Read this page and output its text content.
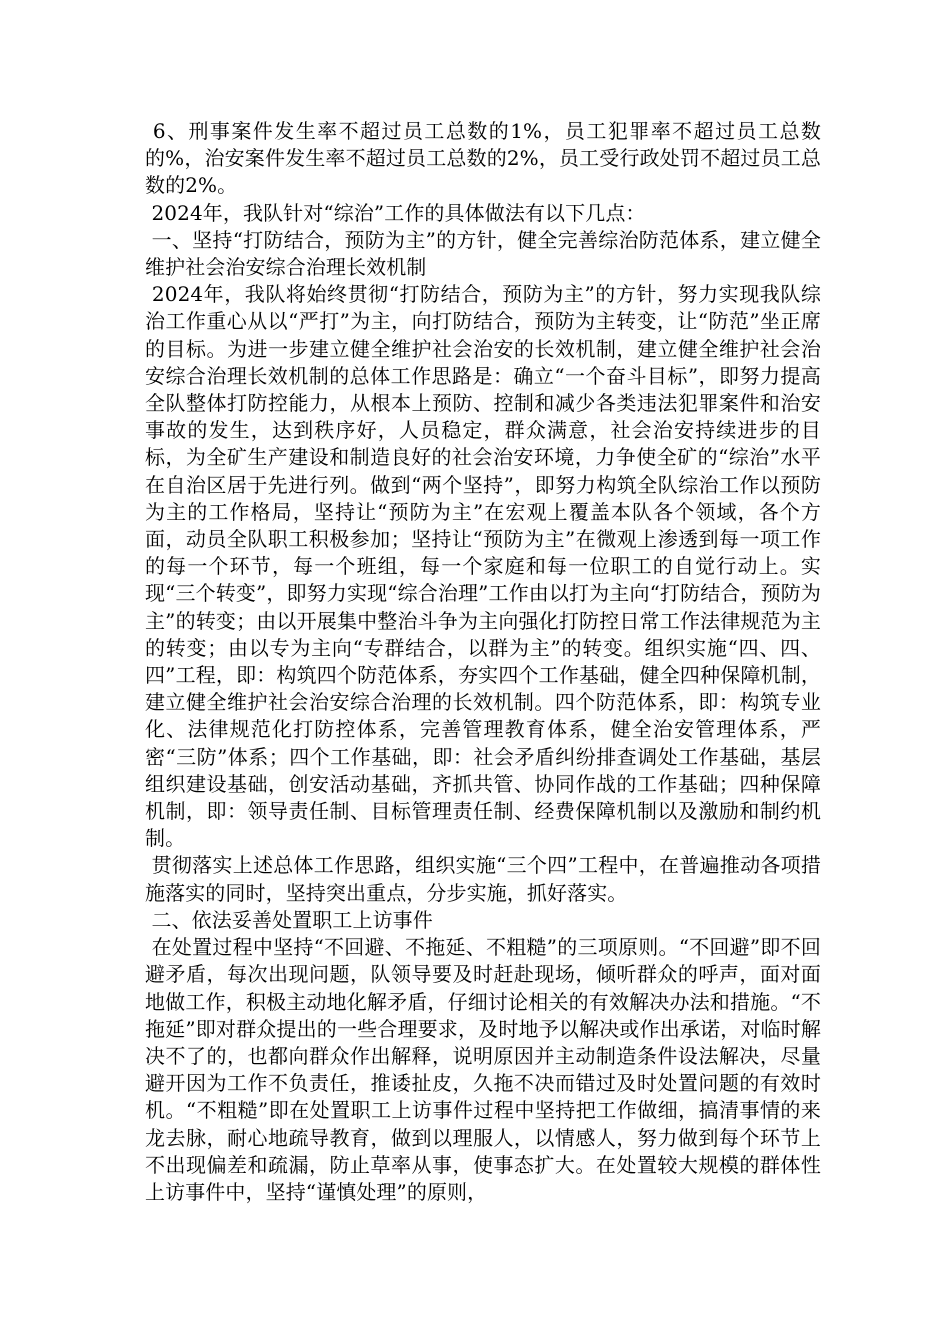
6、刑事案件发生率不超过员工总数的1%，员工犯罪率不超过员工总数的%，治安案件发生率不超过员工总数的2%，员工受行政处罚不超过员工总数的2%。

2024年，我队针对“综治”工作的具体做法有以下几点：

一、坚持“打防结合，预防为主”的方针，健全完善综治防范体系，建立健全维护社会治安综合治理长效机制

2024年，我队将始终贯彻“打防结合，预防为主”的方针，努力实现我队综治工作重心从以“严打”为主，向打防结合，预防为主转变，让“防范”坐正席的目标。为进一步建立健全维护社会治安的长效机制，建立健全维护社会治安综合治理长效机制的总体工作思路是：确立“一个奋斗目标”，即努力提高全队整体打防控能力，从根本上预防、控制和减少各类违法犯罪案件和治安事故的发生，达到秩序好，人员稳定，群众满意，社会治安持续进步的目标，为全矿生产建设和制造良好的社会治安环境，力争使全矿的“综治”水平在自治区居于先进行列。做到“两个坚持”，即努力构筑全队综治工作以预防为主的工作格局，坚持让“预防为主”在宏观上覆盖本队各个领域，各个方面，动员全队职工积极参加；坚持让“预防为主”在微观上渗透到每一项工作的每一个环节，每一个班组，每一个家庭和每一位职工的自觉行动上。实现“三个转变”，即努力实现“综合治理”工作由以打为主向“打防结合，预防为主”的转变；由以开展集中整治斗争为主向强化打防控日常工作法律规范为主的转变；由以专为主向“专群结合，以群为主”的转变。组织实施“四、四、四”工程，即：构筑四个防范体系，夯实四个工作基础，健全四种保障机制，建立健全维护社会治安综合治理的长效机制。四个防范体系，即：构筑专业化、法律规范化打防控体系，完善管理教育体系，健全治安管理体系，严密“三防”体系；四个工作基础，即：社会矛盾纠纷排查调处工作基础，基层组织建设基础，创安活动基础，齐抓共管、协同作战的工作基础；四种保障机制，即：领导责任制、目标管理责任制、经费保障机制以及激励和制约机制。

贯彻落实上述总体工作思路，组织实施“三个四”工程中，在普遍推动各项措施落实的同时，坚持突出重点，分步实施，抓好落实。

二、依法妥善处置职工上访事件

在处置过程中坚持“不回避、不拖延、不粗糙”的三项原则。“不回避”即不回避矛盾，每次出现问题，队领导要及时赶赴现场，倾听群众的呼声，面对面地做工作，积极主动地化解矛盾，仔细讨论相关的有效解决办法和措施。“不拖延”即对群众提出的一些合理要求，及时地予以解决或作出承诺，对临时解决不了的，也都向群众作出解释，说明原因并主动制造条件设法解决，尽量避开因为工作不负责任，推诿扯皮，久拖不决而错过及时处置问题的有效时机。“不粗糙”即在处置职工上访事件过程中坚持把工作做细，搞清事情的来龙去脉，耐心地疏导教育，做到以理服人，以情感人，努力做到每个环节上不出现偏差和疏漏，防止草率从事，使事态扩大。在处置较大规模的群体性上访事件中，坚持“谨慎处理”的原则，
